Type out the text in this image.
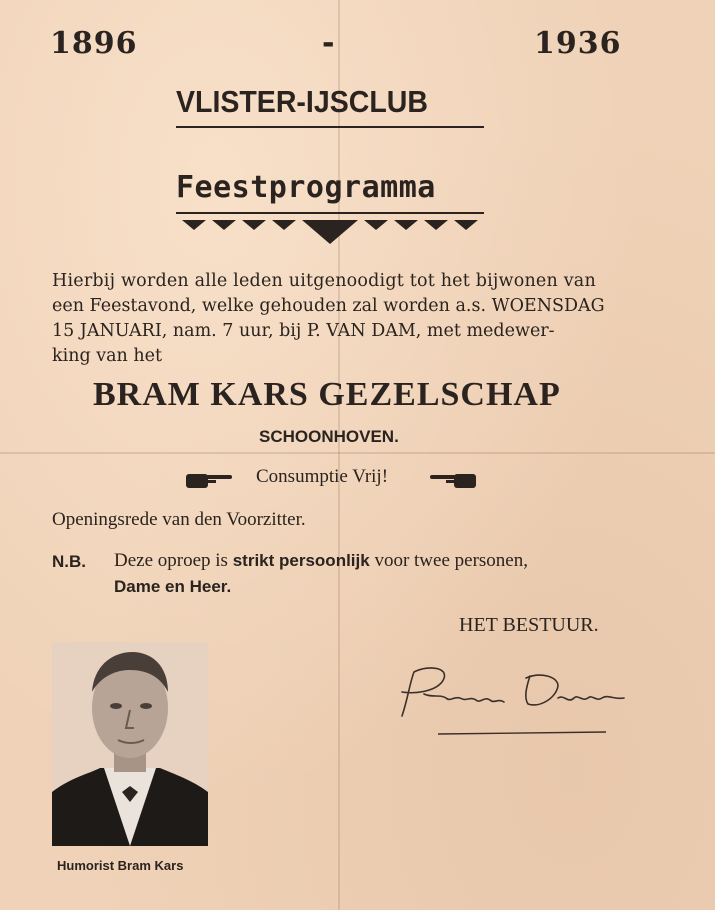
1896	-	1936
VLISTER-IJSCLUB
Feestprogramma
Hierbij worden alle leden uitgenoodigt tot het bijwonen van
een Feestavond, welke gehouden zal worden a.s. WOENSDAG
15 JANUARI, nam. 7 uur, bij P. VAN DAM, met medewer-
king van het
BRAM KARS GEZELSCHAP
SCHOONHOVEN.
Consumptie Vrij!
Openingsrede van den Voorzitter.
N.B. Deze oproep is strikt persoonlijk voor twee personen,
Dame en Heer.
HET BESTUUR.
Humorist Bram Kars
